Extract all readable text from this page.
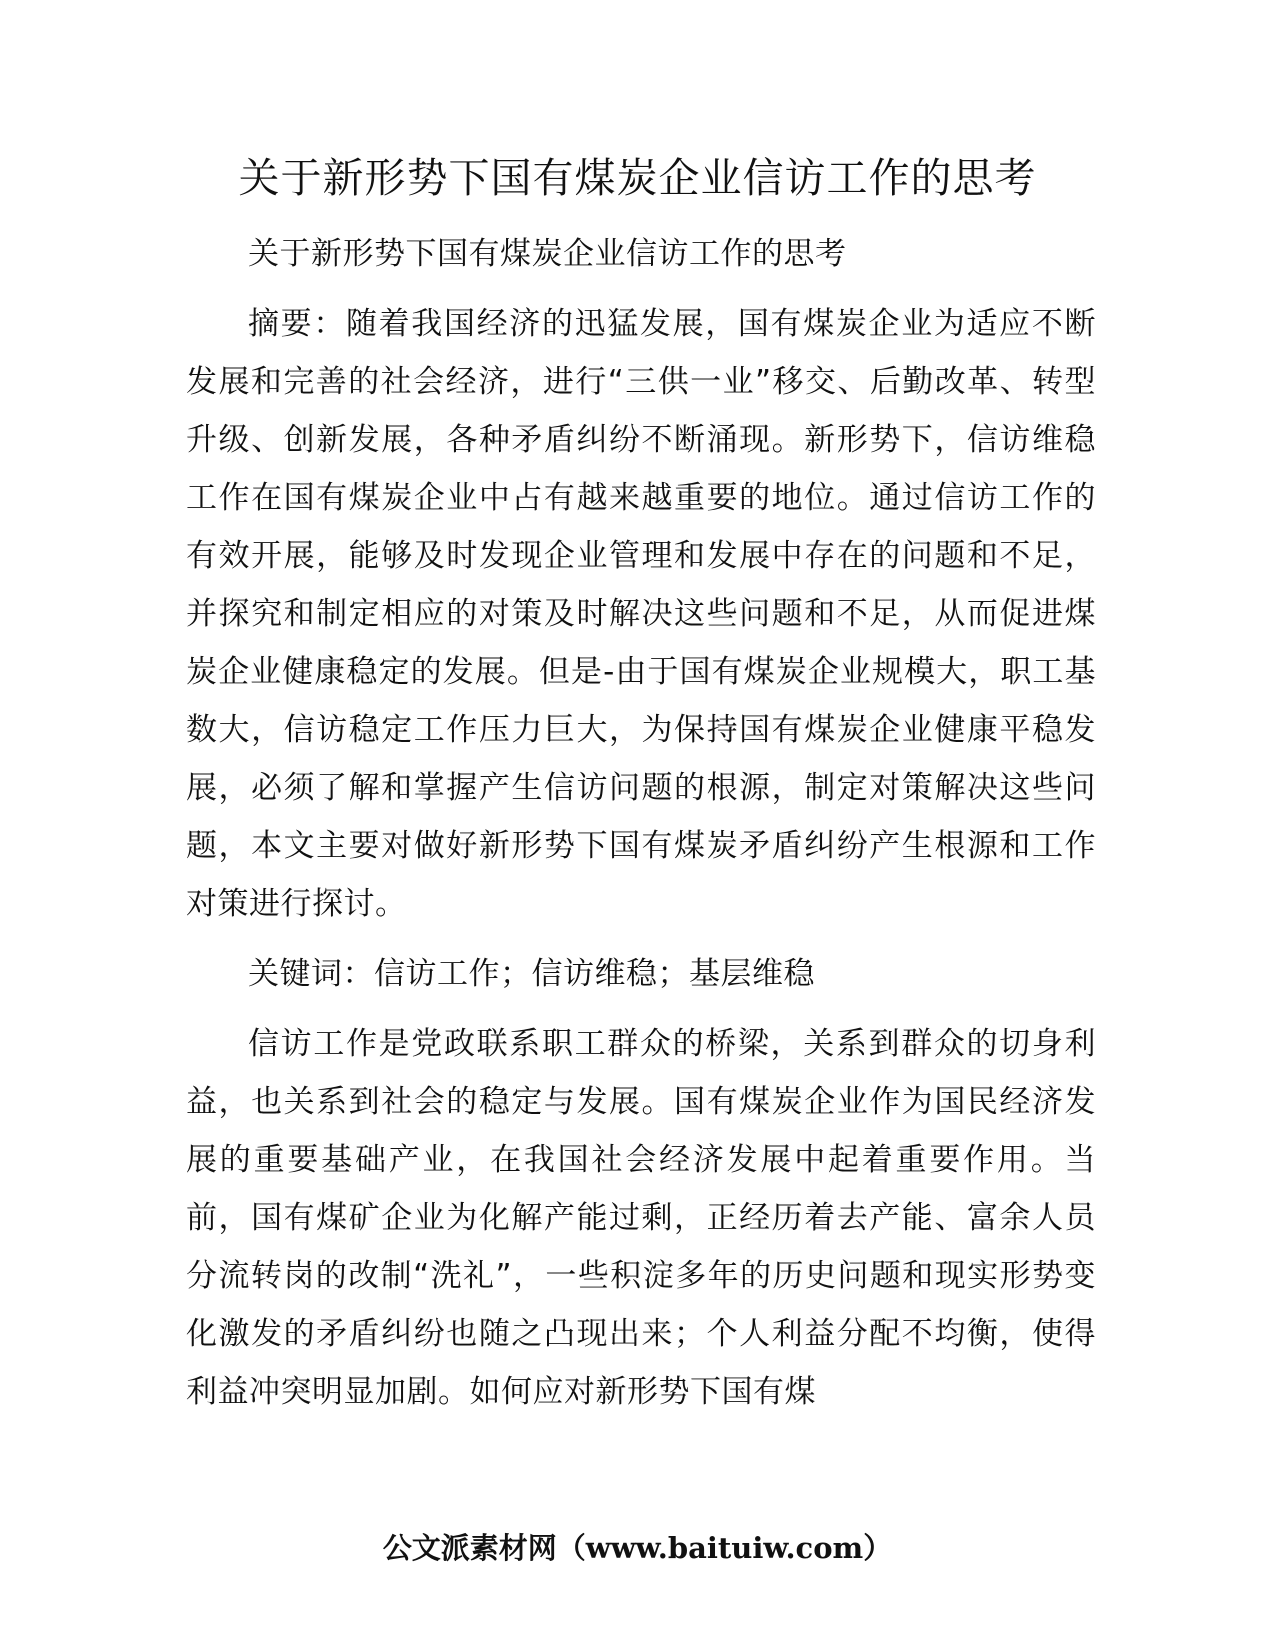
关于新形势下国有煤炭企业信访工作的思考

关于新形势下国有煤炭企业信访工作的思考

摘要：随着我国经济的迅猛发展，国有煤炭企业为适应不断发展和完善的社会经济，进行“三供一业”移交、后勤改革、转型升级、创新发展，各种矛盾纠纷不断涌现。新形势下，信访维稳工作在国有煤炭企业中占有越来越重要的地位。通过信访工作的有效开展，能够及时发现企业管理和发展中存在的问题和不足，并探究和制定相应的对策及时解决这些问题和不足，从而促进煤炭企业健康稳定的发展。但是-由于国有煤炭企业规模大，职工基数大，信访稳定工作压力巨大，为保持国有煤炭企业健康平稳发展，必须了解和掌握产生信访问题的根源，制定对策解决这些问题，本文主要对做好新形势下国有煤炭矛盾纠纷产生根源和工作对策进行探讨。

关键词：信访工作；信访维稳；基层维稳

信访工作是党政联系职工群众的桥梁，关系到群众的切身利益，也关系到社会的稳定与发展。国有煤炭企业作为国民经济发展的重要基础产业，在我国社会经济发展中起着重要作用。当前，国有煤矿企业为化解产能过剩，正经历着去产能、富余人员分流转岗的改制“洗礼”，一些积淀多年的历史问题和现实形势变化激发的矛盾纠纷也随之凸现出来；个人利益分配不均衡，使得利益冲突明显加剧。如何应对新形势下国有煤

公文派素材网（www.baituiw.com）
